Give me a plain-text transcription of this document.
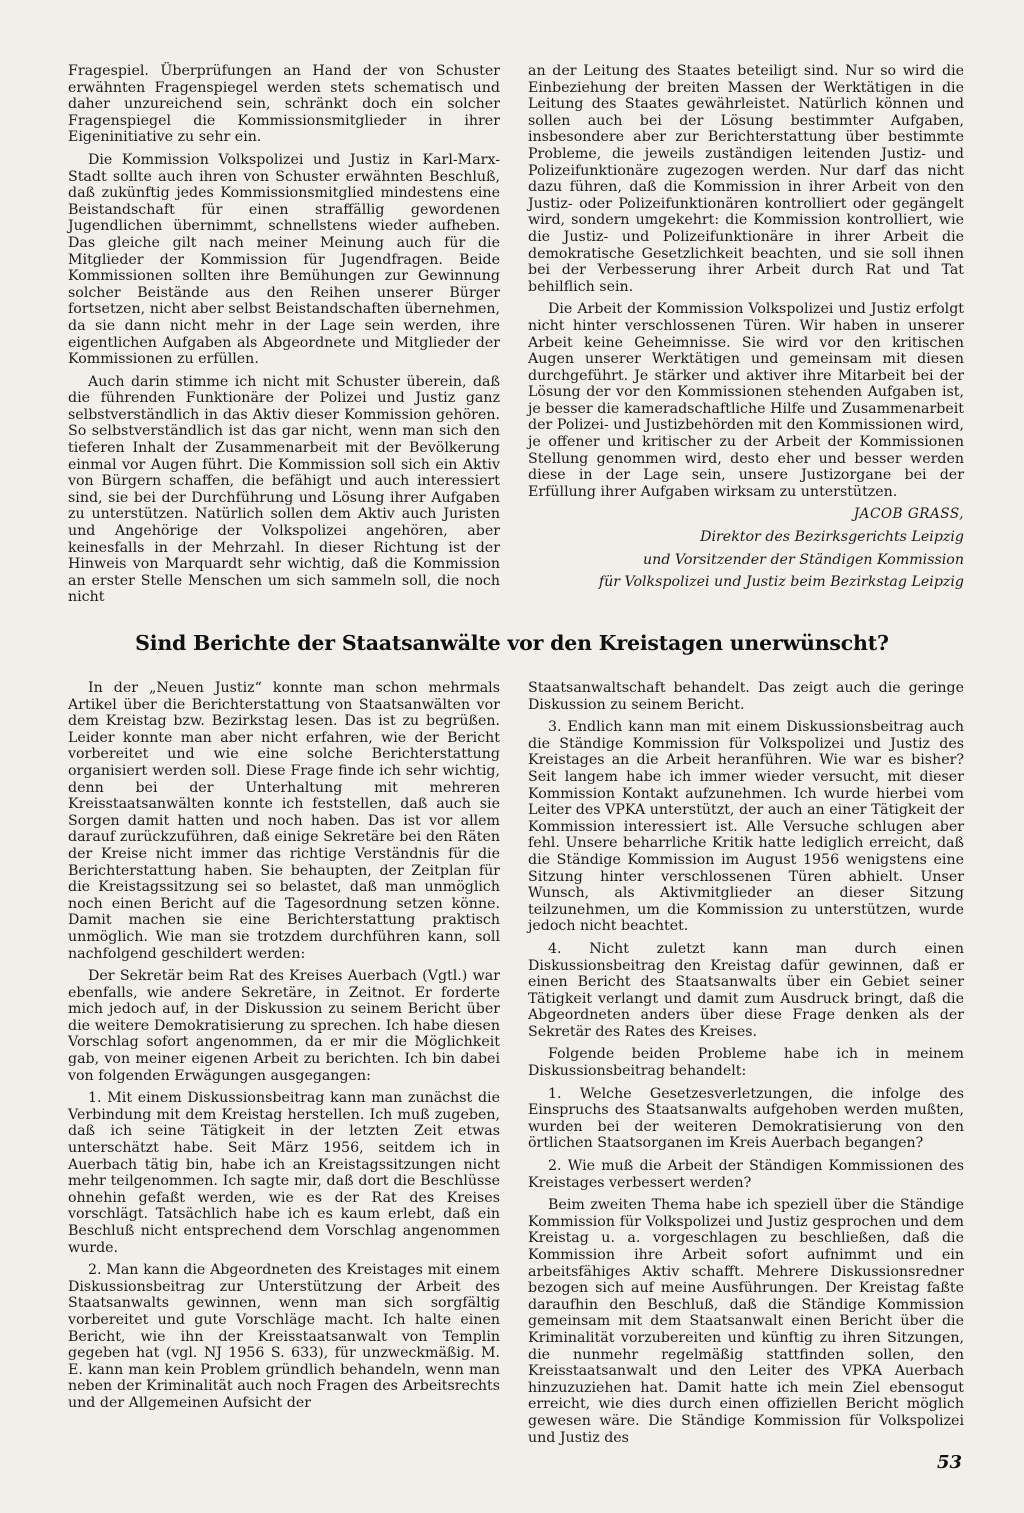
Fragespiel. Überprüfungen an Hand der von Schuster erwähnten Fragenspiegel werden stets schematisch und daher unzureichend sein, schränkt doch ein solcher Fragenspiegel die Kommissionsmitglieder in ihrer Eigeninitiative zu sehr ein.

Die Kommission Volkspolizei und Justiz in Karl-Marx-Stadt sollte auch ihren von Schuster erwähnten Beschluß, daß zukünftig jedes Kommissionsmitglied mindestens eine Beistandschaft für einen straffällig gewordenen Jugendlichen übernimmt, schnellstens wieder aufheben. Das gleiche gilt nach meiner Meinung auch für die Mitglieder der Kommission für Jugendfragen. Beide Kommissionen sollten ihre Bemühungen zur Gewinnung solcher Beistände aus den Reihen unserer Bürger fortsetzen, nicht aber selbst Beistandschaften übernehmen, da sie dann nicht mehr in der Lage sein werden, ihre eigentlichen Aufgaben als Abgeordnete und Mitglieder der Kommissionen zu erfüllen.

Auch darin stimme ich nicht mit Schuster überein, daß die führenden Funktionäre der Polizei und Justiz ganz selbstverständlich in das Aktiv dieser Kommission gehören. So selbstverständlich ist das gar nicht, wenn man sich den tieferen Inhalt der Zusammenarbeit mit der Bevölkerung einmal vor Augen führt. Die Kommission soll sich ein Aktiv von Bürgern schaffen, die befähigt und auch interessiert sind, sie bei der Durchführung und Lösung ihrer Aufgaben zu unterstützen. Natürlich sollen dem Aktiv auch Juristen und Angehörige der Volkspolizei angehören, aber keinesfalls in der Mehrzahl. In dieser Richtung ist der Hinweis von Marquardt sehr wichtig, daß die Kommission an erster Stelle Menschen um sich sammeln soll, die noch nicht

an der Leitung des Staates beteiligt sind. Nur so wird die Einbeziehung der breiten Massen der Werktätigen in die Leitung des Staates gewährleistet. Natürlich können und sollen auch bei der Lösung bestimmter Aufgaben, insbesondere aber zur Berichterstattung über bestimmte Probleme, die jeweils zuständigen leitenden Justiz- und Polizeifunktionäre zugezogen werden. Nur darf das nicht dazu führen, daß die Kommission in ihrer Arbeit von den Justiz- oder Polizeifunktionären kontrolliert oder gegängelt wird, sondern umgekehrt: die Kommission kontrolliert, wie die Justiz- und Polizeifunktionäre in ihrer Arbeit die demokratische Gesetzlichkeit beachten, und sie soll ihnen bei der Verbesserung ihrer Arbeit durch Rat und Tat behilflich sein.

Die Arbeit der Kommission Volkspolizei und Justiz erfolgt nicht hinter verschlossenen Türen. Wir haben in unserer Arbeit keine Geheimnisse. Sie wird vor den kritischen Augen unserer Werktätigen und gemeinsam mit diesen durchgeführt. Je stärker und aktiver ihre Mitarbeit bei der Lösung der vor den Kommissionen stehenden Aufgaben ist, je besser die kameradschaftliche Hilfe und Zusammenarbeit der Polizei- und Justizbehörden mit den Kommissionen wird, je offener und kritischer zu der Arbeit der Kommissionen Stellung genommen wird, desto eher und besser werden diese in der Lage sein, unsere Justizorgane bei der Erfüllung ihrer Aufgaben wirksam zu unterstützen.

JACOB GRASS,

Direktor des Bezirksgerichts Leipzig

und Vorsitzender der Ständigen Kommission

für Volkspolizei und Justiz beim Bezirkstag Leipzig

Sind Berichte der Staatsanwälte vor den Kreistagen unerwünscht?

In der „Neuen Justiz“ konnte man schon mehrmals Artikel über die Berichterstattung von Staatsanwälten vor dem Kreistag bzw. Bezirkstag lesen. Das ist zu begrüßen. Leider konnte man aber nicht erfahren, wie der Bericht vorbereitet und wie eine solche Berichterstattung organisiert werden soll. Diese Frage finde ich sehr wichtig, denn bei der Unterhaltung mit mehreren Kreisstaatsanwälten konnte ich feststellen, daß auch sie Sorgen damit hatten und noch haben. Das ist vor allem darauf zurückzuführen, daß einige Sekretäre bei den Räten der Kreise nicht immer das richtige Verständnis für die Berichterstattung haben. Sie behaupten, der Zeitplan für die Kreistagssitzung sei so belastet, daß man unmöglich noch einen Bericht auf die Tagesordnung setzen könne. Damit machen sie eine Berichterstattung praktisch unmöglich. Wie man sie trotzdem durchführen kann, soll nachfolgend geschildert werden:

Der Sekretär beim Rat des Kreises Auerbach (Vgtl.) war ebenfalls, wie andere Sekretäre, in Zeitnot. Er forderte mich jedoch auf, in der Diskussion zu seinem Bericht über die weitere Demokratisierung zu sprechen. Ich habe diesen Vorschlag sofort angenommen, da er mir die Möglichkeit gab, von meiner eigenen Arbeit zu berichten. Ich bin dabei von folgenden Erwägungen ausgegangen:

1. Mit einem Diskussionsbeitrag kann man zunächst die Verbindung mit dem Kreistag herstellen. Ich muß zugeben, daß ich seine Tätigkeit in der letzten Zeit etwas unterschätzt habe. Seit März 1956, seitdem ich in Auerbach tätig bin, habe ich an Kreistagssitzungen nicht mehr teilgenommen. Ich sagte mir, daß dort die Beschlüsse ohnehin gefaßt werden, wie es der Rat des Kreises vorschlägt. Tatsächlich habe ich es kaum erlebt, daß ein Beschluß nicht entsprechend dem Vorschlag angenommen wurde.

2. Man kann die Abgeordneten des Kreistages mit einem Diskussionsbeitrag zur Unterstützung der Arbeit des Staatsanwalts gewinnen, wenn man sich sorgfältig vorbereitet und gute Vorschläge macht. Ich halte einen Bericht, wie ihn der Kreisstaatsanwalt von Templin gegeben hat (vgl. NJ 1956 S. 633), für unzweckmäßig. M. E. kann man kein Problem gründlich behandeln, wenn man neben der Kriminalität auch noch Fragen des Arbeitsrechts und der Allgemeinen Aufsicht der

Staatsanwaltschaft behandelt. Das zeigt auch die geringe Diskussion zu seinem Bericht.

3. Endlich kann man mit einem Diskussionsbeitrag auch die Ständige Kommission für Volkspolizei und Justiz des Kreistages an die Arbeit heranführen. Wie war es bisher? Seit langem habe ich immer wieder versucht, mit dieser Kommission Kontakt aufzunehmen. Ich wurde hierbei vom Leiter des VPKA unterstützt, der auch an einer Tätigkeit der Kommission interessiert ist. Alle Versuche schlugen aber fehl. Unsere beharrliche Kritik hatte lediglich erreicht, daß die Ständige Kommission im August 1956 wenigstens eine Sitzung hinter verschlossenen Türen abhielt. Unser Wunsch, als Aktivmitglieder an dieser Sitzung teilzunehmen, um die Kommission zu unterstützen, wurde jedoch nicht beachtet.

4. Nicht zuletzt kann man durch einen Diskussionsbeitrag den Kreistag dafür gewinnen, daß er einen Bericht des Staatsanwalts über ein Gebiet seiner Tätigkeit verlangt und damit zum Ausdruck bringt, daß die Abgeordneten anders über diese Frage denken als der Sekretär des Rates des Kreises.

Folgende beiden Probleme habe ich in meinem Diskussionsbeitrag behandelt:

1. Welche Gesetzesverletzungen, die infolge des Einspruchs des Staatsanwalts aufgehoben werden mußten, wurden bei der weiteren Demokratisierung von den örtlichen Staatsorganen im Kreis Auerbach begangen?

2. Wie muß die Arbeit der Ständigen Kommissionen des Kreistages verbessert werden?

Beim zweiten Thema habe ich speziell über die Ständige Kommission für Volkspolizei und Justiz gesprochen und dem Kreistag u. a. vorgeschlagen zu beschließen, daß die Kommission ihre Arbeit sofort aufnimmt und ein arbeitsfähiges Aktiv schafft. Mehrere Diskussionsredner bezogen sich auf meine Ausführungen. Der Kreistag faßte daraufhin den Beschluß, daß die Ständige Kommission gemeinsam mit dem Staatsanwalt einen Bericht über die Kriminalität vorzubereiten und künftig zu ihren Sitzungen, die nunmehr regelmäßig stattfinden sollen, den Kreisstaatsanwalt und den Leiter des VPKA Auerbach hinzuzuziehen hat. Damit hatte ich mein Ziel ebensogut erreicht, wie dies durch einen offiziellen Bericht möglich gewesen wäre. Die Ständige Kommission für Volkspolizei und Justiz des

53
